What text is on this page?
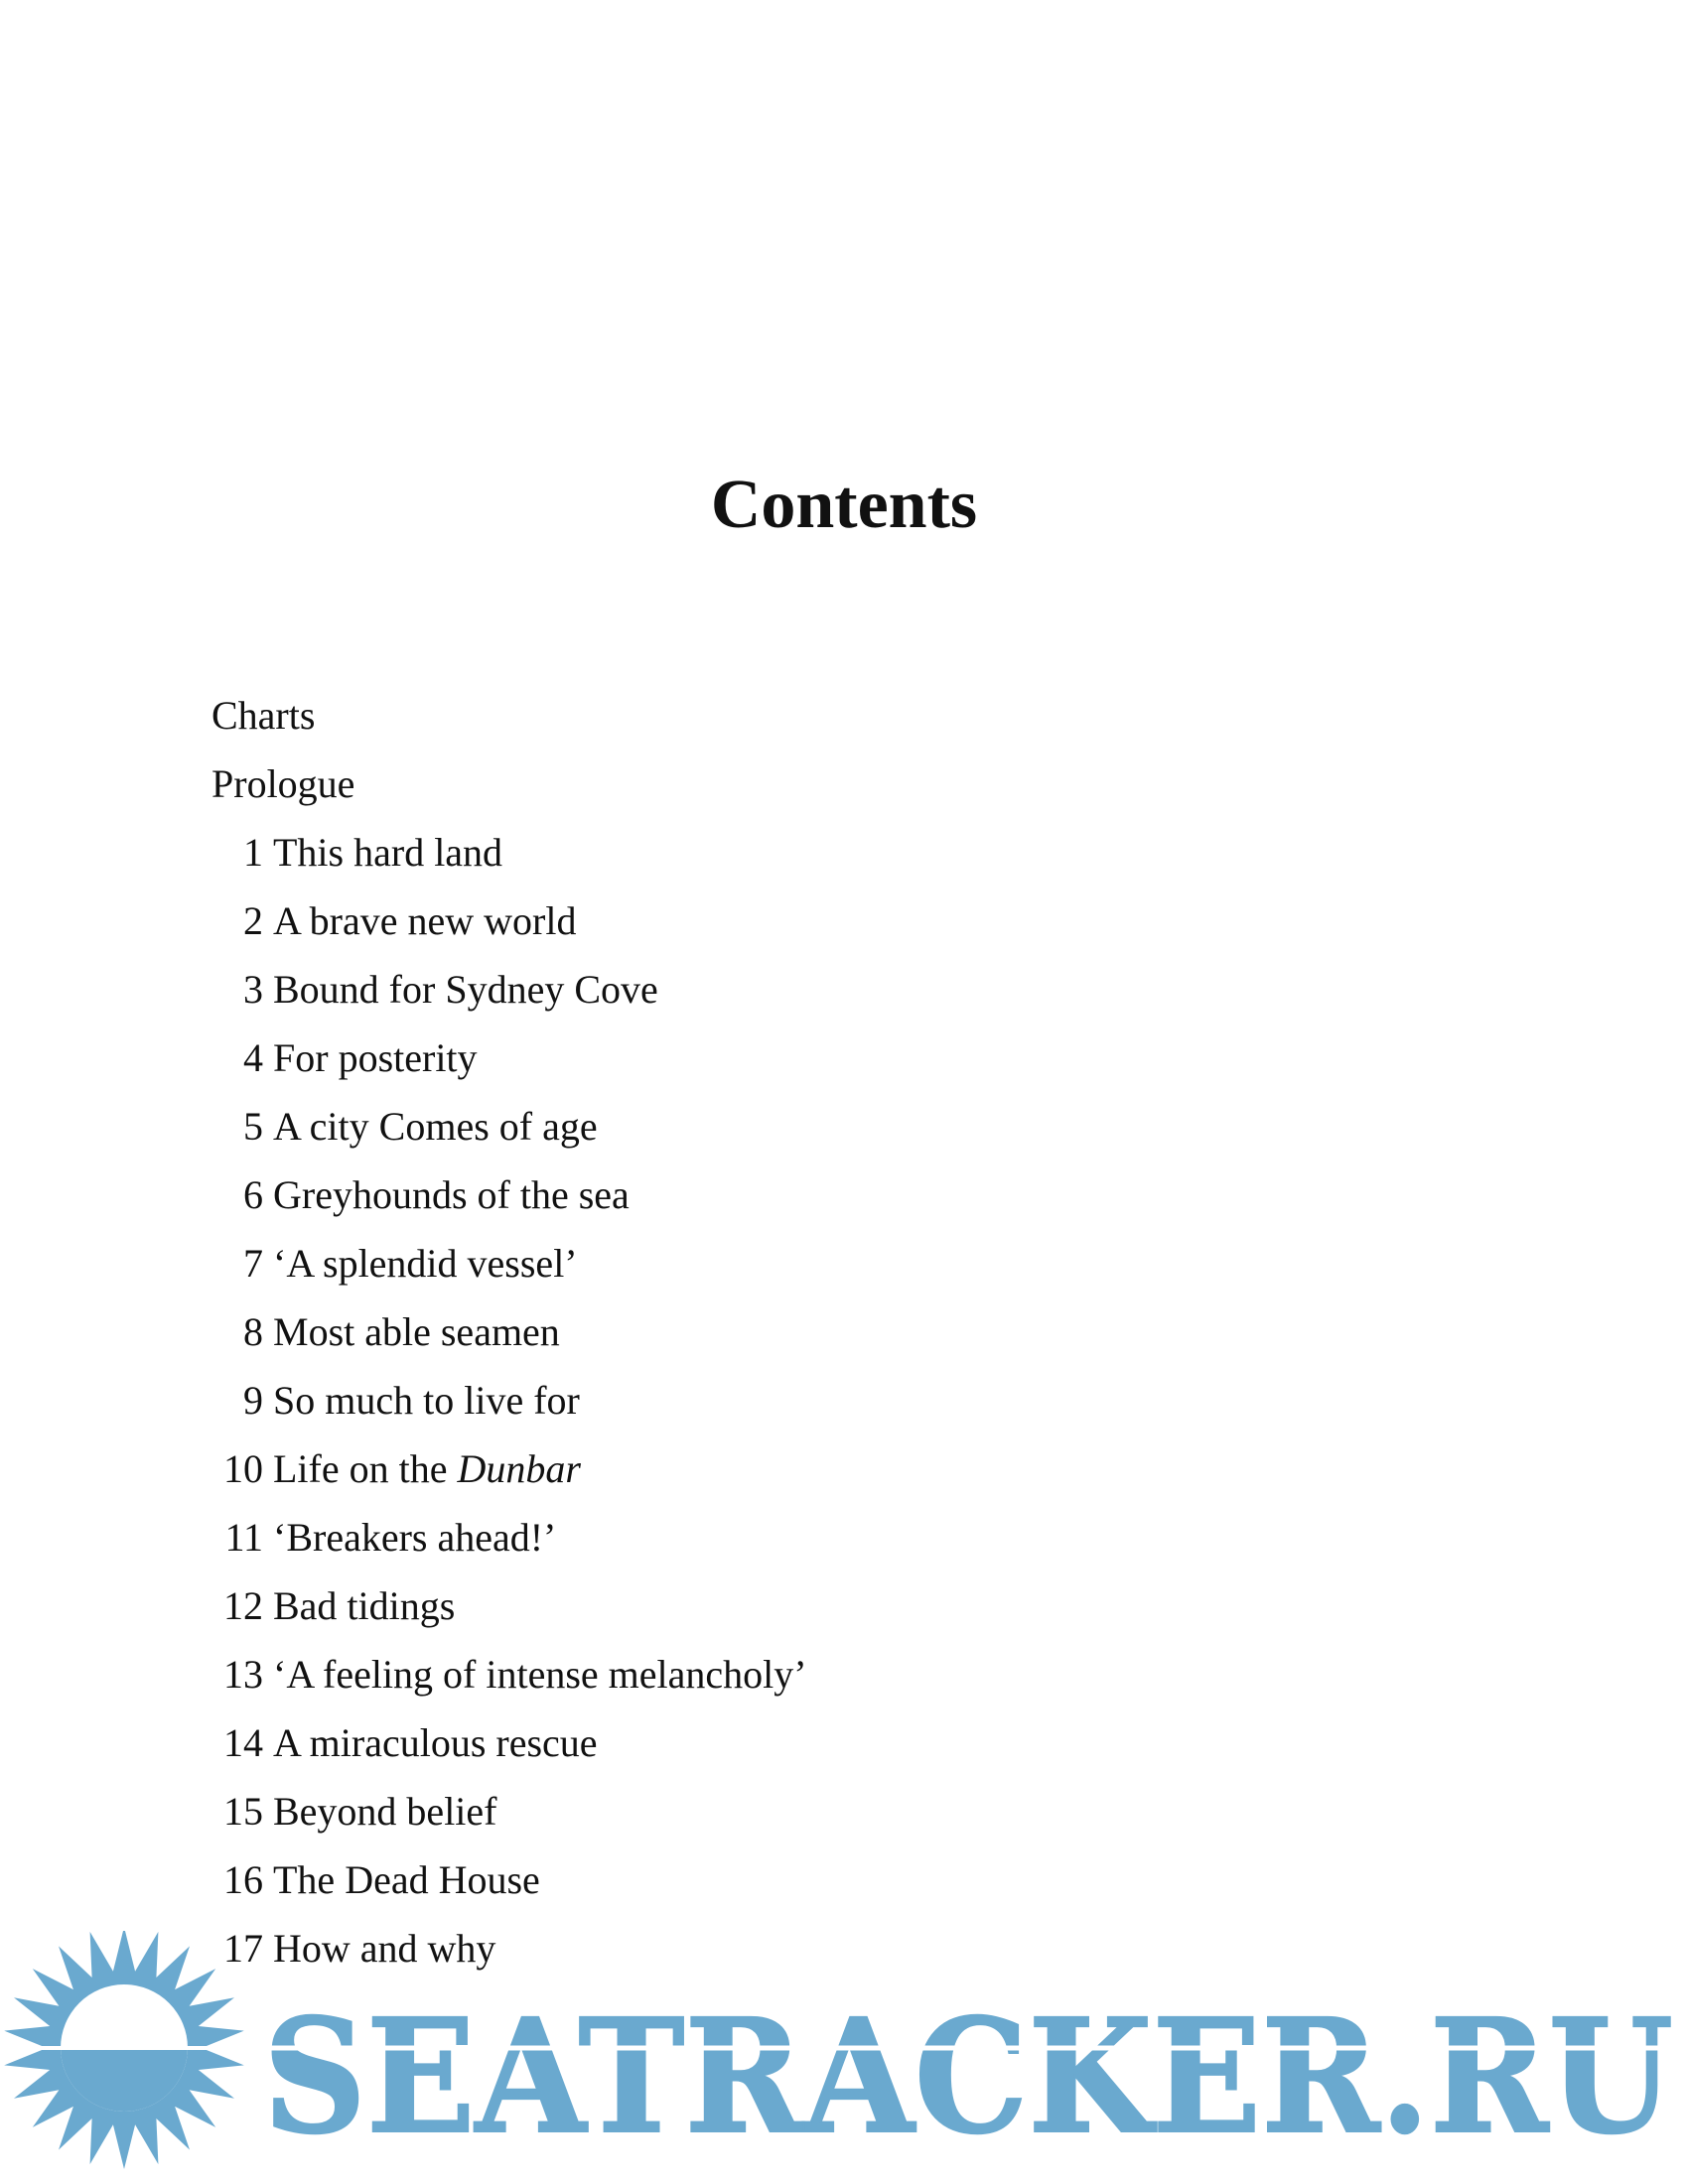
Contents
Charts
Prologue
1 This hard land
2 A brave new world
3 Bound for Sydney Cove
4 For posterity
5 A city Comes of age
6 Greyhounds of the sea
7 ‘A splendid vessel’
8 Most able seamen
9 So much to live for
10 Life on the Dunbar
11 ‘Breakers ahead!’
12 Bad tidings
13 ‘A feeling of intense melancholy’
14 A miraculous rescue
15 Beyond belief
16 The Dead House
17 How and why
SEATRACKER.RU
